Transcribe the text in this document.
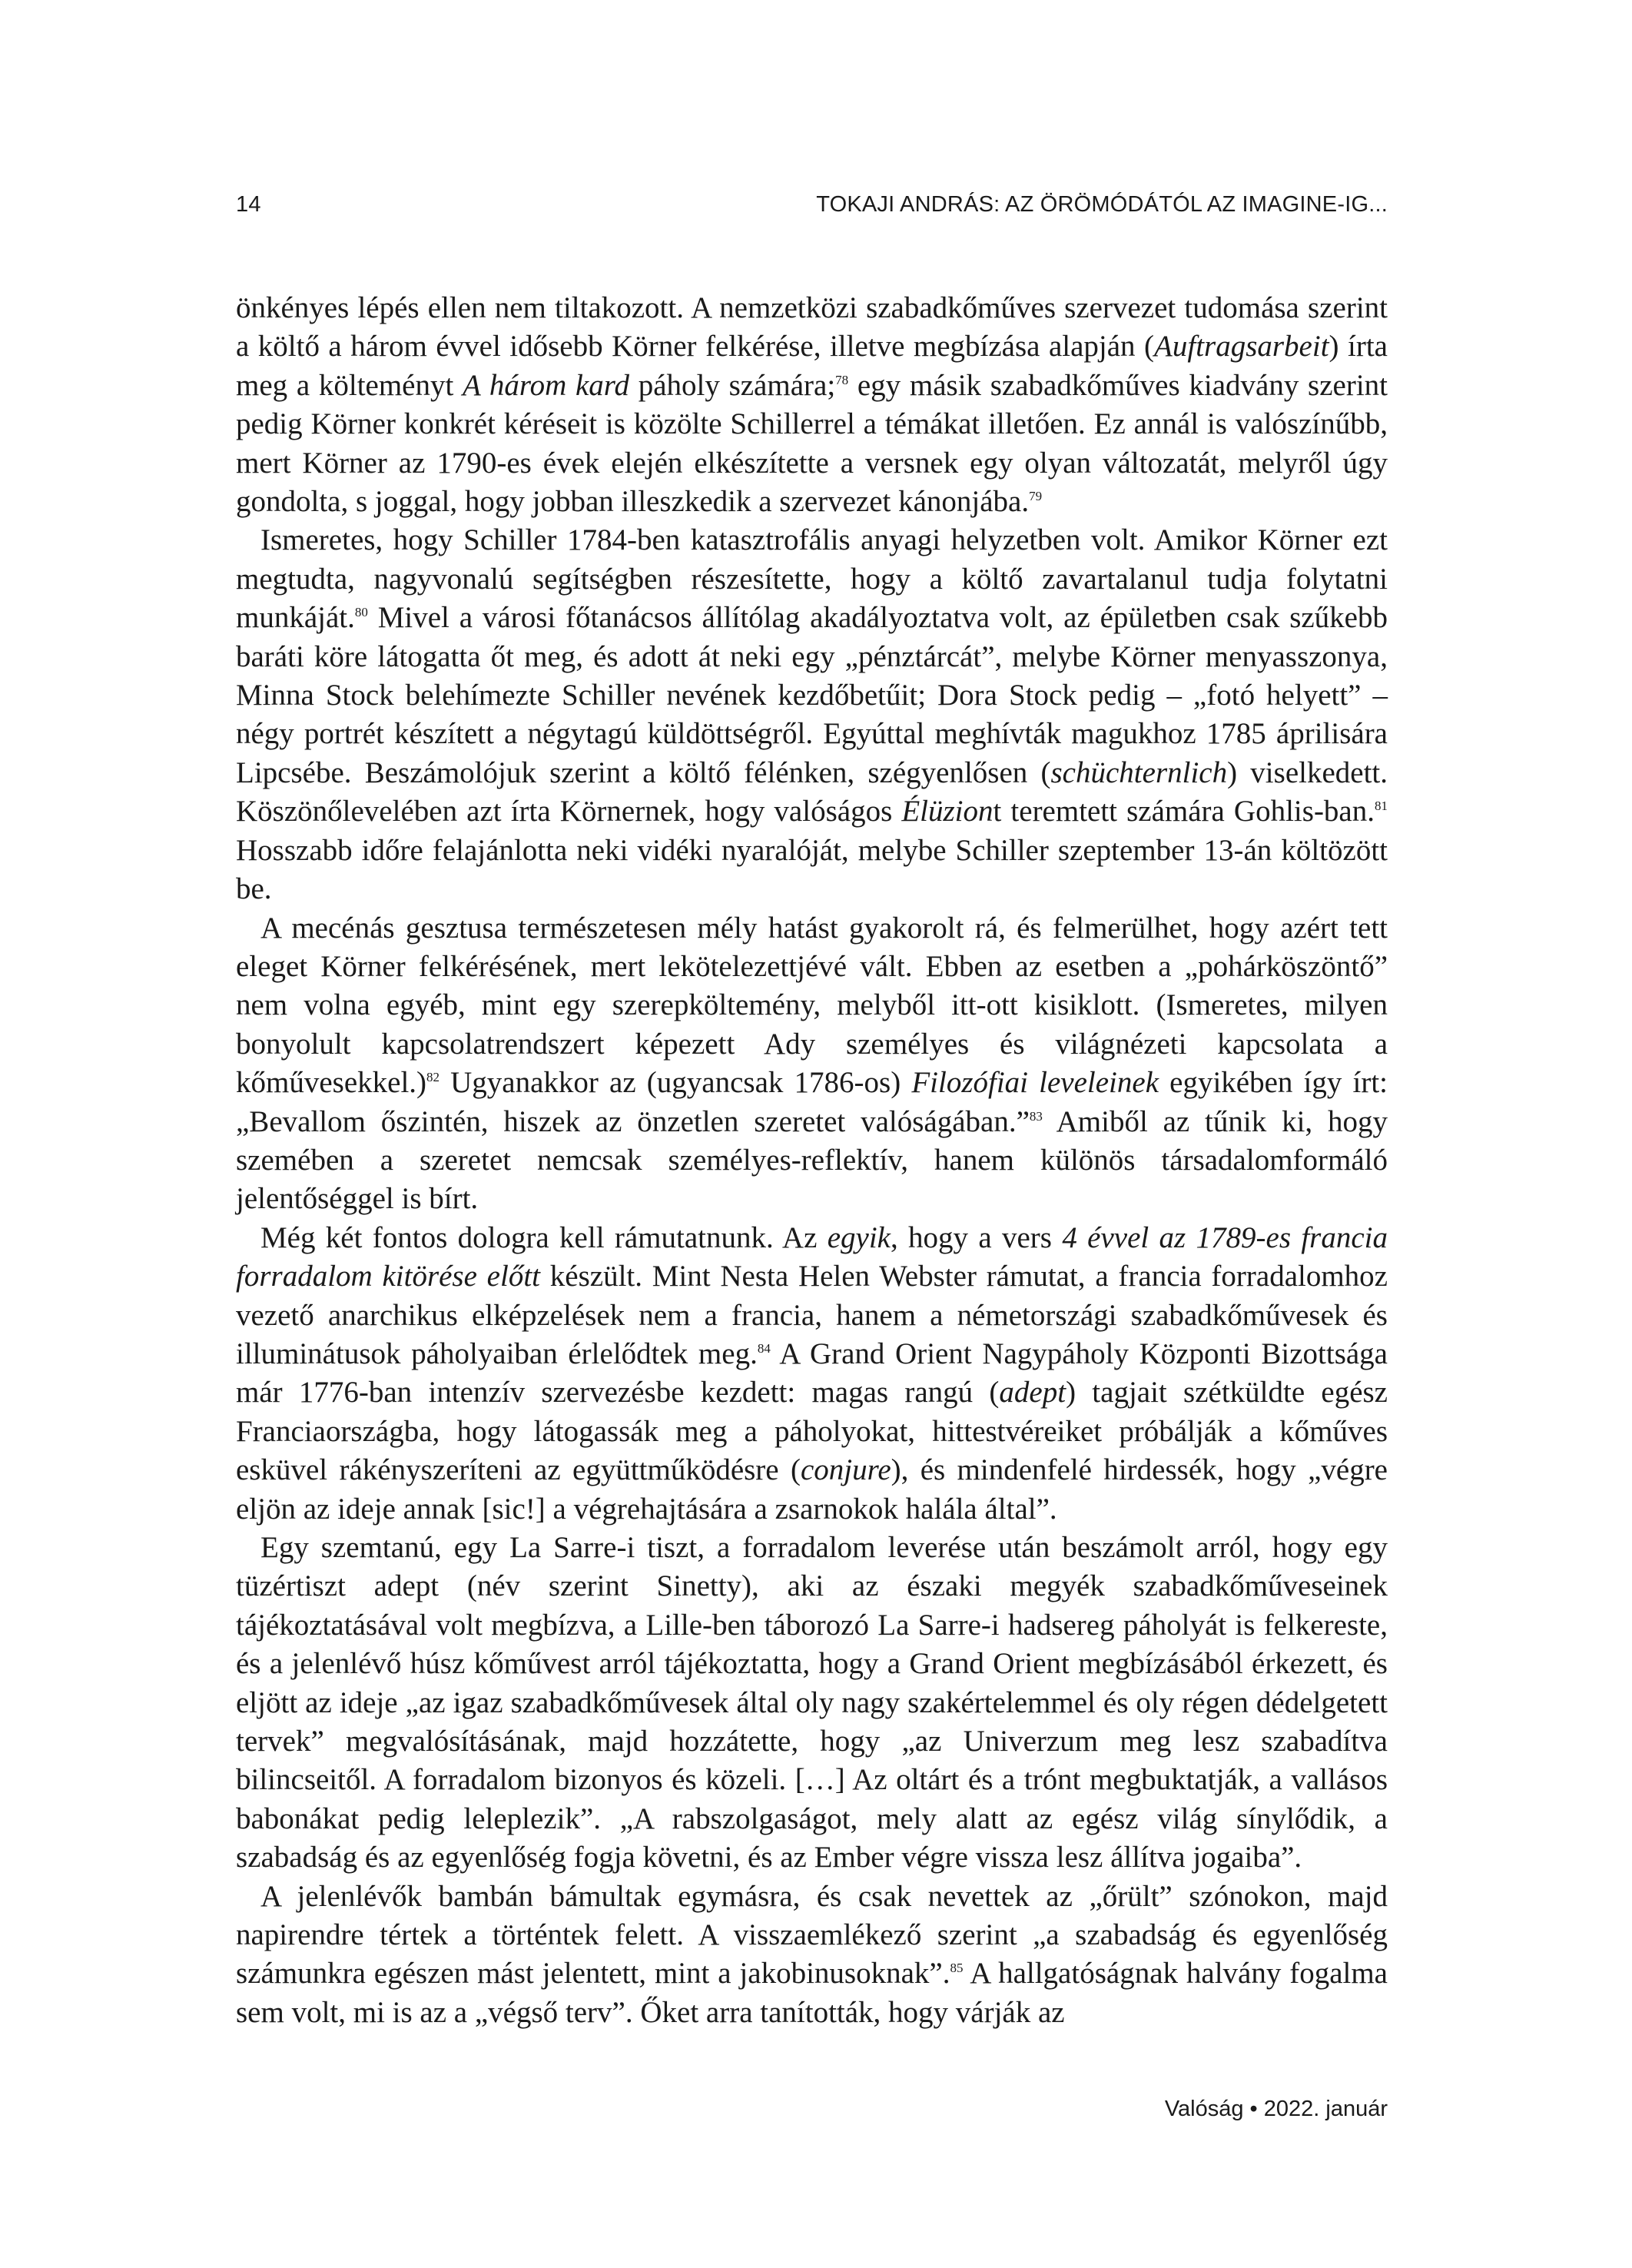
14	TOKAJI ANDRÁS: AZ ÖRÖMÓDÁTÓL AZ IMAGINE-IG...

önkényes lépés ellen nem tiltakozott. A nemzetközi szabadkőműves szervezet tudomása szerint a költő a három évvel idősebb Körner felkérése, illetve megbízása alapján (Auftragsarbeit) írta meg a költeményt A három kard páholy számára;$^{78}$ egy másik szabadkőműves kiadvány szerint pedig Körner konkrét kéréseit is közölte Schillerrel a témákat illetően. Ez annál is valószínűbb, mert Körner az 1790-es évek elején elkészítette a versnek egy olyan változatát, melyről úgy gondolta, s joggal, hogy jobban illeszkedik a szervezet kánonjába.$^{79}$

Ismeretes, hogy Schiller 1784-ben katasztrofális anyagi helyzetben volt. Amikor Körner ezt megtudta, nagyvonalú segítségben részesítette, hogy a költő zavartalanul tudja folytatni munkáját.$^{80}$ Mivel a városi főtanácsos állítólag akadályoztatva volt, az épületben csak szűkebb baráti köre látogatta őt meg, és adott át neki egy „pénztárcát”, melybe Körner menyasszonya, Minna Stock belehímezte Schiller nevének kezdőbetűit; Dora Stock pedig – „fotó helyett” – négy portrét készített a négytagú küldöttségről. Egyúttal meghívták magukhoz 1785 áprilisára Lipcsébe. Beszámolójuk szerint a költő félénken, szégyenlősen (schüchternlich) viselkedett. Köszönőlevelében azt írta Körnernek, hogy valóságos Élüziont teremtett számára Gohlis-ban.$^{81}$ Hosszabb időre felajánlotta neki vidéki nyaralóját, melybe Schiller szeptember 13-án költözött be.

A mecénás gesztusa természetesen mély hatást gyakorolt rá, és felmerülhet, hogy azért tett eleget Körner felkérésének, mert lekötelezettjévé vált. Ebben az esetben a „pohárköszöntő” nem volna egyéb, mint egy szerepköltemény, melyből itt-ott kisiklott. (Ismeretes, milyen bonyolult kapcsolatrendszert képezett Ady személyes és világnézeti kapcsolata a kőművesekkel.)$^{82}$ Ugyanakkor az (ugyancsak 1786-os) Filozófiai leveleinek egyikében így írt: „Bevallom őszintén, hiszek az önzetlen szeretet valóságában.”$^{83}$ Amiből az tűnik ki, hogy szemében a szeretet nemcsak személyes-reflektív, hanem különös társadalomformáló jelentőséggel is bírt.

Még két fontos dologra kell rámutatnunk. Az egyik, hogy a vers 4 évvel az 1789-es francia forradalom kitörése előtt készült. Mint Nesta Helen Webster rámutat, a francia forradalomhoz vezető anarchikus elképzelések nem a francia, hanem a németországi szabadkőművesek és illuminátusok páholyaiban érlelődtek meg.$^{84}$ A Grand Orient Nagypáholy Központi Bizottsága már 1776-ban intenzív szervezésbe kezdett: magas rangú (adept) tagjait szétküldte egész Franciaországba, hogy látogassák meg a páholyokat, hittestvéreiket próbálják a kőműves esküvel rákényszeríteni az együttműködésre (conjure), és mindenfelé hirdessék, hogy „végre eljön az ideje annak [sic!] a végrehajtására a zsarnokok halála által”.

Egy szemtanú, egy La Sarre-i tiszt, a forradalom leverése után beszámolt arról, hogy egy tüzértiszt adept (név szerint Sinetty), aki az északi megyék szabadkőműveseinek tájékoztatásával volt megbízva, a Lille-ben táborozó La Sarre-i hadsereg páholyát is felkereste, és a jelenlévő húsz kőművest arról tájékoztatta, hogy a Grand Orient megbízásából érkezett, és eljött az ideje „az igaz szabadkőművesek által oly nagy szakértelemmel és oly régen dédelgetett tervek” megvalósításának, majd hozzátette, hogy „az Univerzum meg lesz szabadítva bilincseitől. A forradalom bizonyos és közeli. […] Az oltárt és a trónt megbuktatják, a vallásos babonákat pedig leleplezik”. „A rabszolgaságot, mely alatt az egész világ sínylődik, a szabadság és az egyenlőség fogja követni, és az Ember végre vissza lesz állítva jogaiba”.

A jelenlévők bambán bámultak egymásra, és csak nevettek az „őrült” szónokon, majd napirendre tértek a történtek felett. A visszaemlékező szerint „a szabadság és egyenlőség számunkra egészen mást jelentett, mint a jakobinusoknak”.$^{85}$ A hallgatóságnak halvány fogalma sem volt, mi is az a „végső terv”. Őket arra tanították, hogy várják az

Valóság • 2022. január
